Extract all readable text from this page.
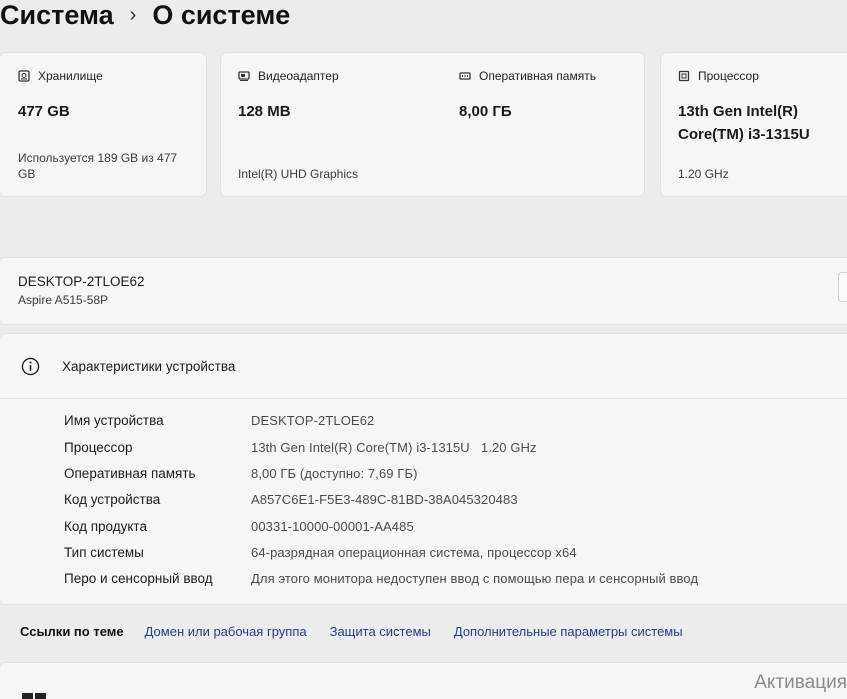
Система › О системе
Хранилище
477 GB
Используется 189 GB из 477
GB
Видеоадаптер
128 MB
Intel(R) UHD Graphics
Оперативная память
8,00 ГБ
Процессор
13th Gen Intel(R)
Core(TM) i3-1315U
1.20 GHz
DESKTOP-2TLOE62
Aspire A515-58P
Характеристики устройства
Имя устройства	DESKTOP-2TLOE62
Процессор	13th Gen Intel(R) Core(TM) i3-1315U   1.20 GHz
Оперативная память	8,00 ГБ (доступно: 7,69 ГБ)
Код устройства	A857C6E1-F5E3-489C-81BD-38A045320483
Код продукта	00331-10000-00001-AA485
Тип системы	64-разрядная операционная система, процессор x64
Перо и сенсорный ввод	Для этого монитора недоступен ввод с помощью пера и сенсорный ввод
Ссылки по теме Домен или рабочая группа Защита системы Дополнительные параметры системы
Активация
